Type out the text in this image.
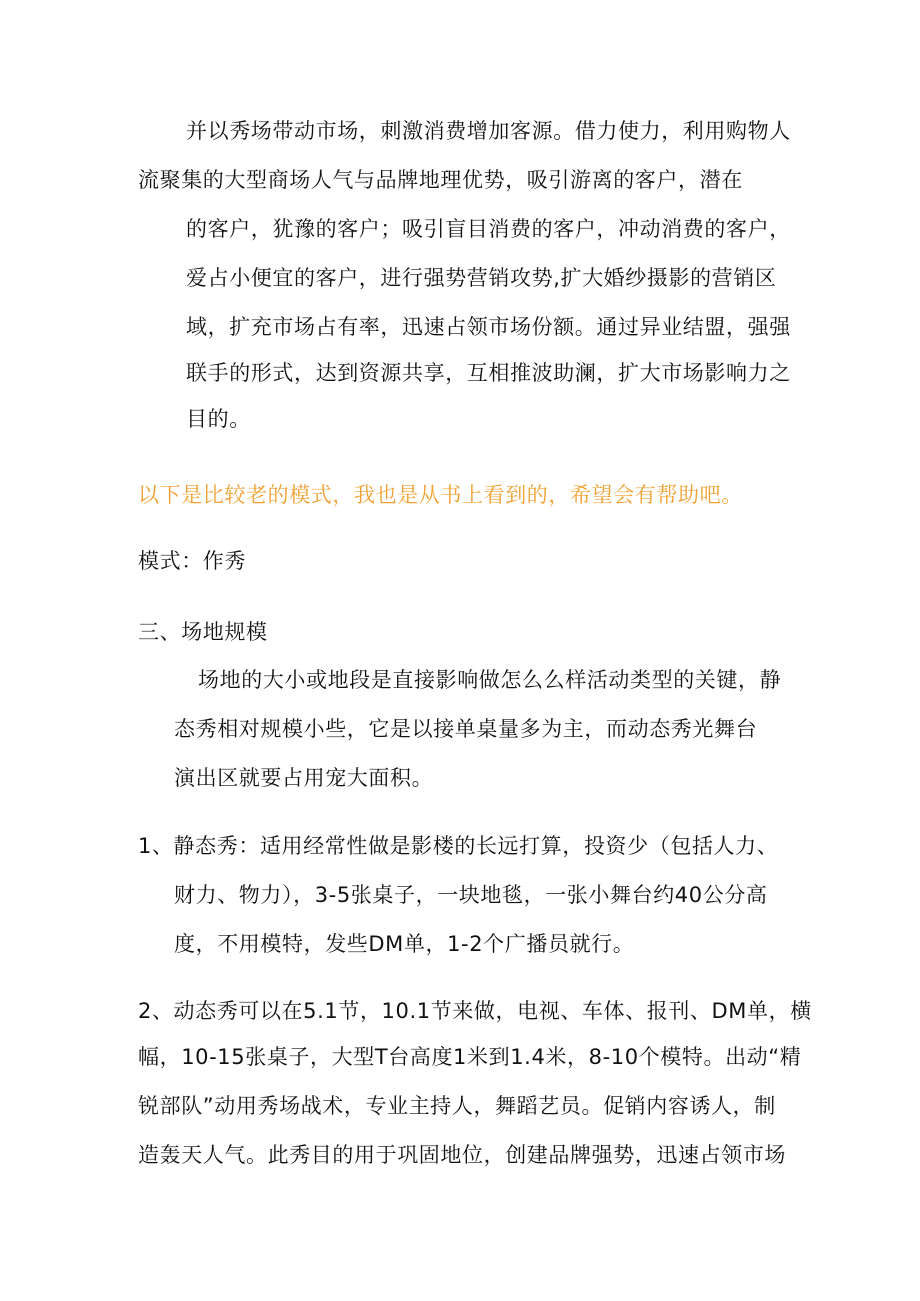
并以秀场带动市场，刺激消费增加客源。借力使力，利用购物人
流聚集的大型商场人气与品牌地理优势，吸引游离的客户，潜在
的客户，犹豫的客户；吸引盲目消费的客户，冲动消费的客户，
爱占小便宜的客户，进行强势营销攻势,扩大婚纱摄影的营销区
域，扩充市场占有率，迅速占领市场份额。通过异业结盟，强强
联手的形式，达到资源共享，互相推波助澜，扩大市场影响力之
目的。
以下是比较老的模式，我也是从书上看到的，希望会有帮助吧。
模式：作秀
三、场地规模
场地的大小或地段是直接影响做怎么么样活动类型的关键，静
态秀相对规模小些，它是以接单桌量多为主，而动态秀光舞台
演出区就要占用宠大面积。
1、静态秀：适用经常性做是影楼的长远打算，投资少（包括人力、
财力、物力），3-5张桌子，一块地毯，一张小舞台约40公分高
度，不用模特，发些DM单，1-2个广播员就行。
2、动态秀可以在5.1节，10.1节来做，电视、车体、报刊、DM单，横
幅，10-15张桌子，大型T台高度1米到1.4米，8-10个模特。出动“精
锐部队”动用秀场战术，专业主持人，舞蹈艺员。促销内容诱人，制
造轰天人气。此秀目的用于巩固地位，创建品牌强势，迅速占领市场
